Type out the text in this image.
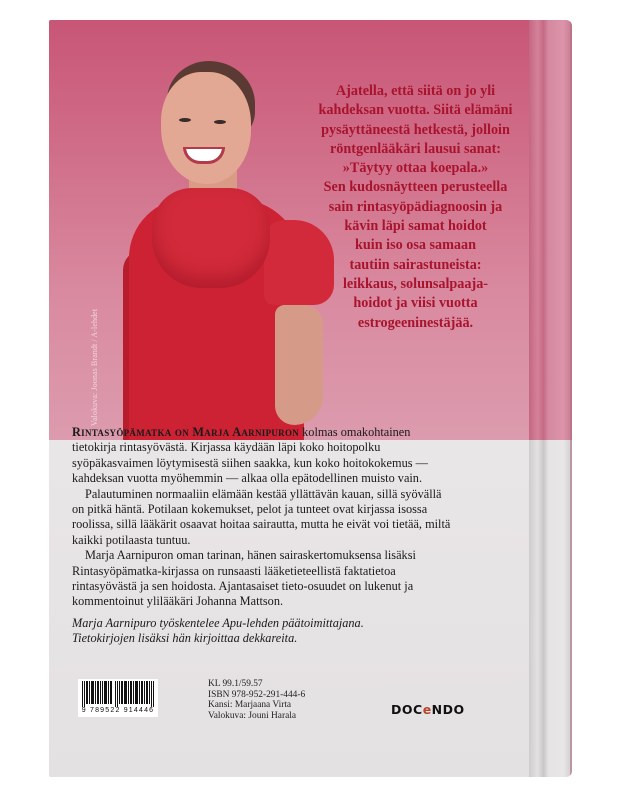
Ajatella, että siitä on jo yli
kahdeksan vuotta. Siitä elämäni
pysäyttäneestä hetkestä, jolloin
röntgenlääkäri lausui sanat:
»Täytyy ottaa koepala.»
Sen kudosnäytteen perusteella
sain rintasyöpädiagnoosin ja
kävin läpi samat hoidot
kuin iso osa samaan
tautiin sairastuneista:
leikkaus, solunsalpaaja-
hoidot ja viisi vuotta
estrogeeninestäjää.
Valokuva: Joonas Brandt / A-lehdet

Rintasyöpämatka on Marja Aarnipuron kolmas omakohtainen
tietokirja rintasyövästä. Kirjassa käydään läpi koko hoitopolku
syöpäkasvaimen löytymisestä siihen saakka, kun koko hoitokokemus —
kahdeksan vuotta myöhemmin — alkaa olla epätodellinen muisto vain.

Palautuminen normaaliin elämään kestää yllättävän kauan, sillä syövällä
on pitkä häntä. Potilaan kokemukset, pelot ja tunteet ovat kirjassa isossa
roolissa, sillä lääkärit osaavat hoitaa sairautta, mutta he eivät voi tietää, miltä
kaikki potilaasta tuntuu.

Marja Aarnipuron oman tarinan, hänen sairaskertomuksensa lisäksi
Rintasyöpämatka-kirjassa on runsaasti lääketieteellistä faktatietoa
rintasyövästä ja sen hoidosta. Ajantasaiset tieto-osuudet on lukenut ja
kommentoinut ylilääkäri Johanna Mattson.

Marja Aarnipuro työskentelee Apu-lehden päätoimittajana.
Tietokirjojen lisäksi hän kirjoittaa dekkareita.

9 789522 914446
KL 99.1/59.57
ISBN 978-952-291-444-6
Kansi: Marjaana Virta
Valokuva: Jouni Harala	DOCeNDO
